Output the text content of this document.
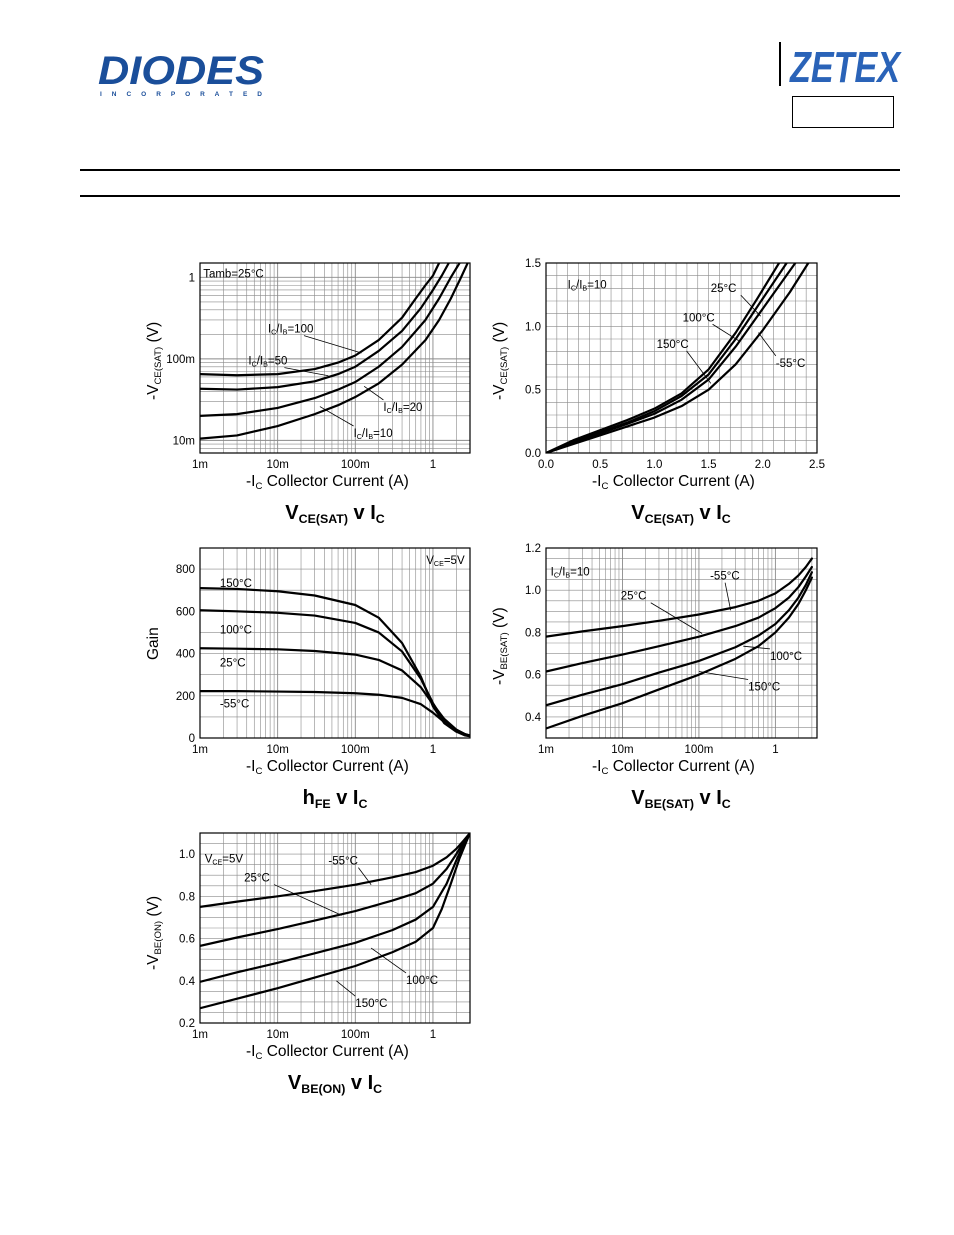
DIODES
I N C O R P O R A T E D
ZETEX
1m	10m	100m	1
10m
100m
1
-IC Collector Current (A)
-VCE(SAT) (V)
VCE(SAT) v IC
Tamb=25°C
IC/IB=100
IC/IB=50
IC/IB=20
IC/IB=10
0.0	0.5	1.0	1.5	2.0	2.5
0.0
0.5
1.0
1.5
-IC Collector Current (A)
-VCE(SAT) (V)
VCE(SAT) v IC
IC/IB=10	25°C
100°C
150°C
-55°C
1m	10m	100m	1
0
200
400
600
800
-IC Collector Current (A)
Gain
hFE v IC
VCE=5V
150°C
100°C
25°C
-55°C
1m	10m	100m	1
0.4
0.6
0.8
1.0
1.2
-IC Collector Current (A)
-VBE(SAT) (V)
VBE(SAT) v IC
IC/IB=10	-55°C
25°C
100°C
150°C
1m	10m	100m	1
0.2
0.4
0.6
0.8
1.0
-IC Collector Current (A)
-VBE(ON) (V)
VBE(ON) v IC
VCE=5V	-55°C
25°C
100°C
150°C
